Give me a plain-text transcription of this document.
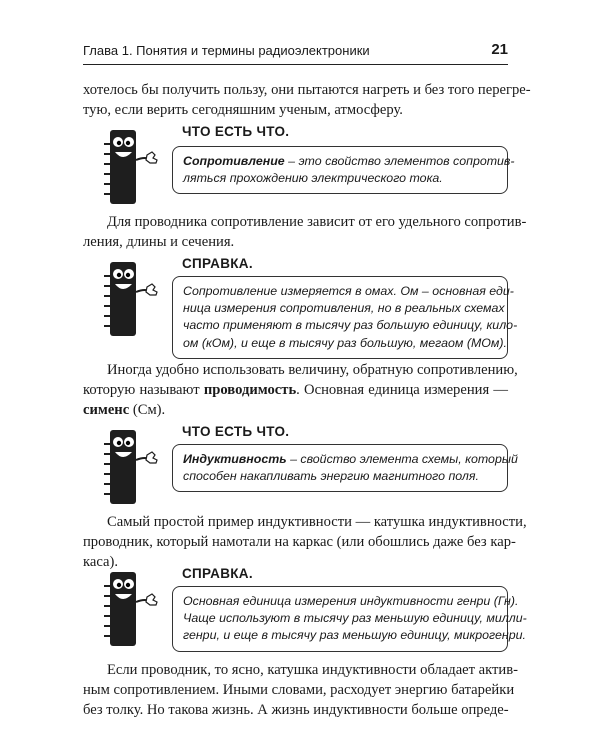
Глава 1. Понятия и термины радиоэлектроники	21
хотелось бы получить пользу, они пытаются нагреть и без того перегре-
тую, если верить сегодняшним ученым, атмосферу.
ЧТО ЕСТЬ ЧТО.
Сопротивление – это свойство элементов сопротив-
ляться прохождению электрического тока.
Для проводника сопротивление зависит от его удельного сопротив-
ления, длины и сечения.
СПРАВКА.
Сопротивление измеряется в омах. Ом – основная еди-
ница измерения сопротивления, но в реальных схемах
часто применяют в тысячу раз большую единицу, кило-
ом (кОм), и еще в тысячу раз большую, мегаом (МОм).
Иногда удобно использовать величину, обратную сопротивлению,
которую называют проводимость. Основная единица измерения —
сименс (См).
ЧТО ЕСТЬ ЧТО.
Индуктивность – свойство элемента схемы, который
способен накапливать энергию магнитного поля.
Самый простой пример индуктивности — катушка индуктивности,
проводник, который намотали на каркас (или обошлись даже без кар-
каса).
СПРАВКА.
Основная единица измерения индуктивности генри (Гн).
Чаще используют в тысячу раз меньшую единицу, милли-
генри, и еще в тысячу раз меньшую единицу, микрогенри.
Если проводник, то ясно, катушка индуктивности обладает актив-
ным сопротивлением. Иными словами, расходует энергию батарейки
без толку. Но такова жизнь. А жизнь индуктивности больше опреде-
